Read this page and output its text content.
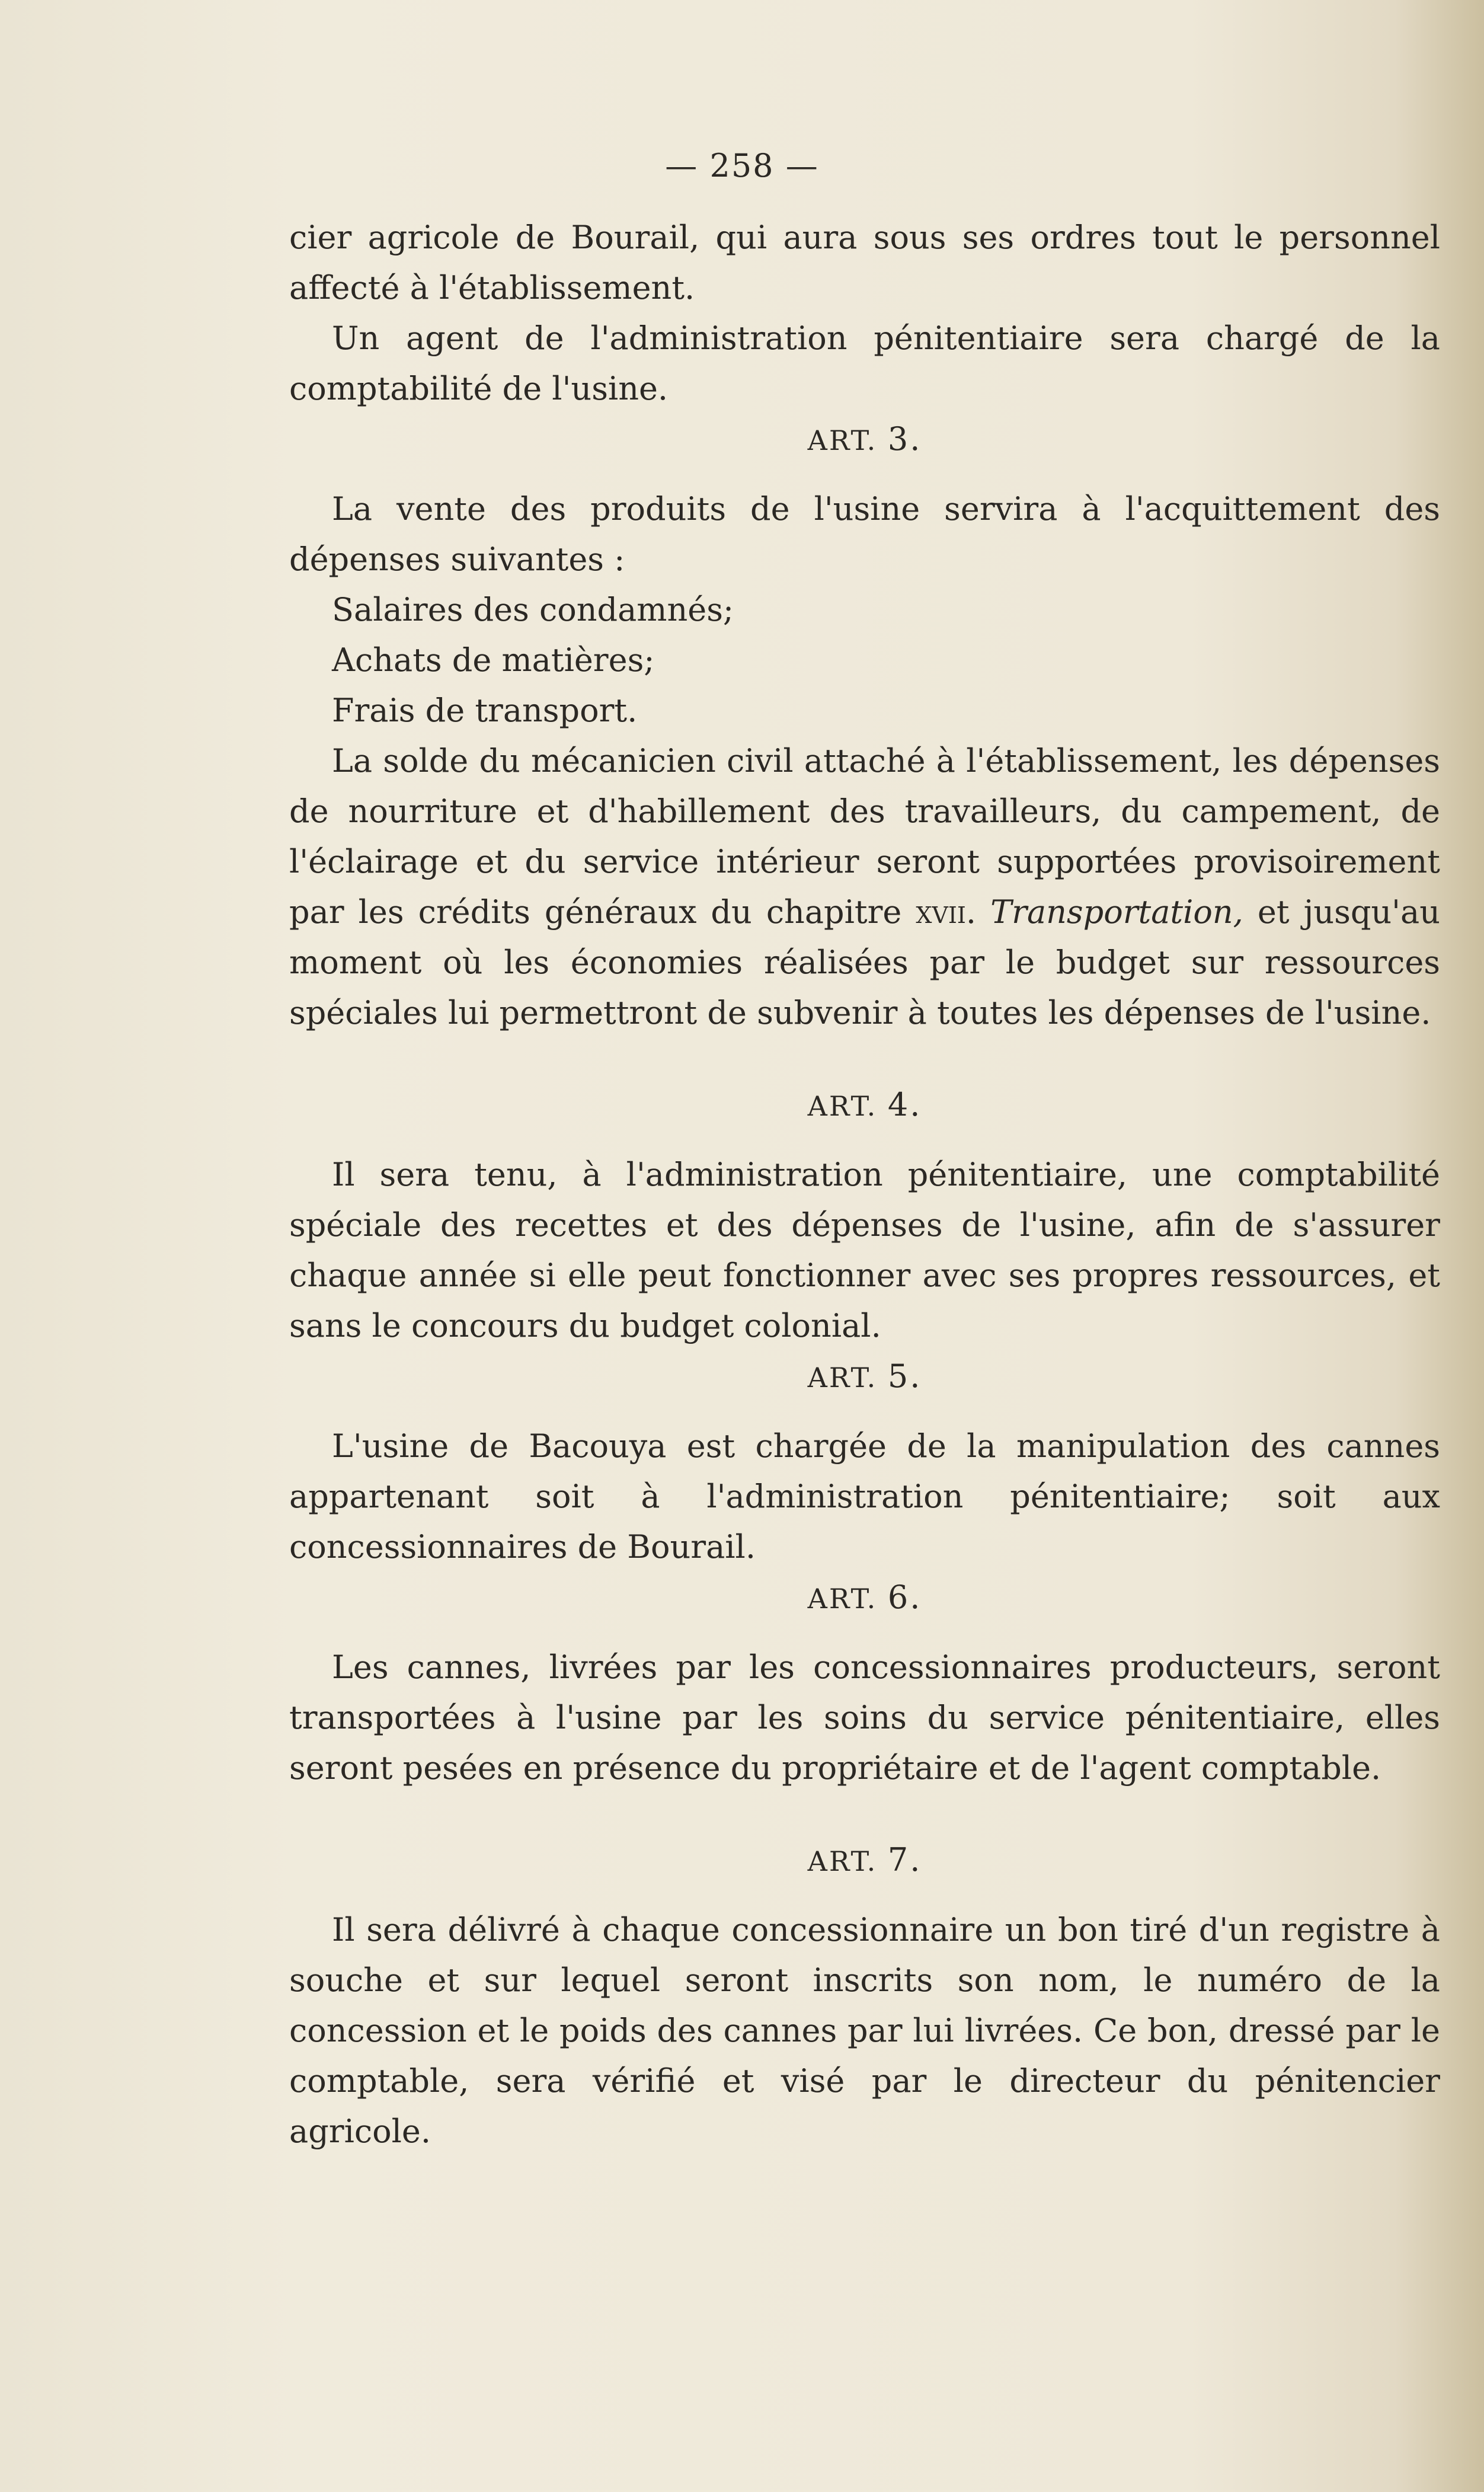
— 258 —

cier agricole de Bourail, qui aura sous ses ordres tout le personnel affecté à l'établissement.

Un agent de l'administration pénitentiaire sera chargé de la comptabilité de l'usine.

ART. 3.

La vente des produits de l'usine servira à l'acquittement des dépenses suivantes :

Salaires des condamnés;

Achats de matières;

Frais de transport.

La solde du mécanicien civil attaché à l'établissement, les dépenses de nourriture et d'habillement des travailleurs, du campement, de l'éclairage et du service intérieur seront supportées provisoirement par les crédits généraux du chapitre xvii. Transportation, et jusqu'au moment où les économies réalisées par le budget sur ressources spéciales lui permettront de subvenir à toutes les dépenses de l'usine.

ART. 4.

Il sera tenu, à l'administration pénitentiaire, une comptabilité spéciale des recettes et des dépenses de l'usine, afin de s'assurer chaque année si elle peut fonctionner avec ses propres ressources, et sans le concours du budget colonial.

ART. 5.

L'usine de Bacouya est chargée de la manipulation des cannes appartenant soit à l'administration pénitentiaire; soit aux concessionnaires de Bourail.

ART. 6.

Les cannes, livrées par les concessionnaires producteurs, seront transportées à l'usine par les soins du service pénitentiaire, elles seront pesées en présence du propriétaire et de l'agent comptable.

ART. 7.

Il sera délivré à chaque concessionnaire un bon tiré d'un registre à souche et sur lequel seront inscrits son nom, le numéro de la concession et le poids des cannes par lui livrées. Ce bon, dressé par le comptable, sera vérifié et visé par le directeur du pénitencier agricole.
